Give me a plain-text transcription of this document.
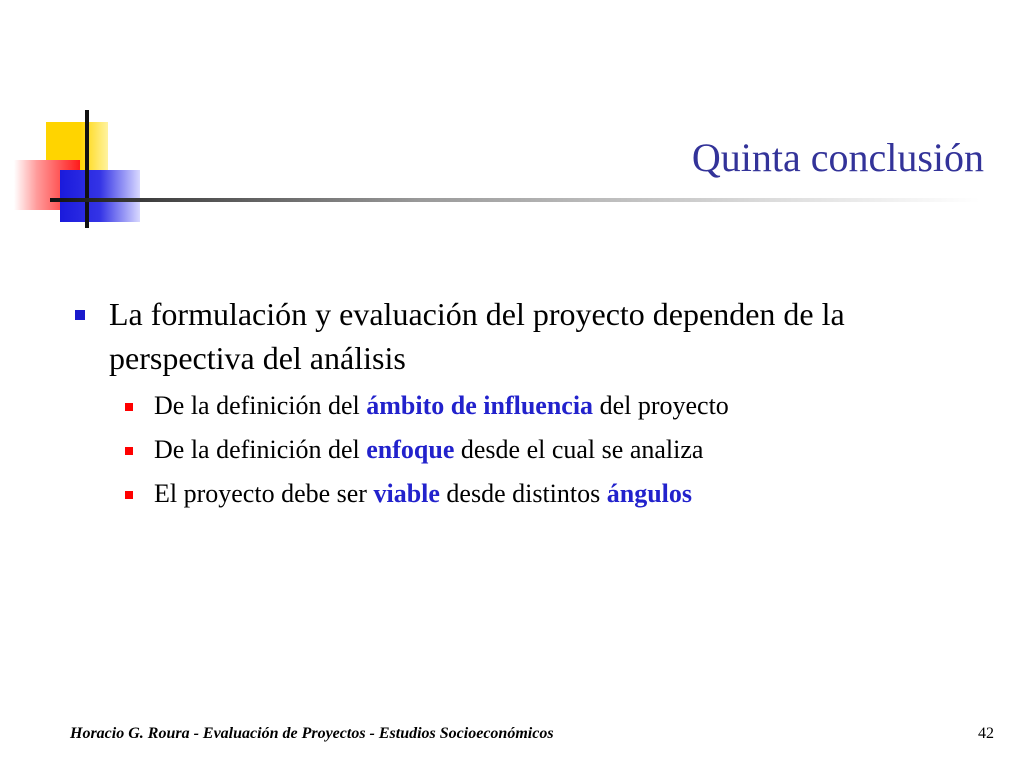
Quinta conclusión
La formulación y evaluación del proyecto dependen de la perspectiva del análisis
De la definición del ámbito de influencia del proyecto
De la definición del enfoque desde el cual se analiza
El proyecto debe ser viable desde distintos ángulos
Horacio G. Roura - Evaluación de Proyectos - Estudios Socioeconómicos	42
